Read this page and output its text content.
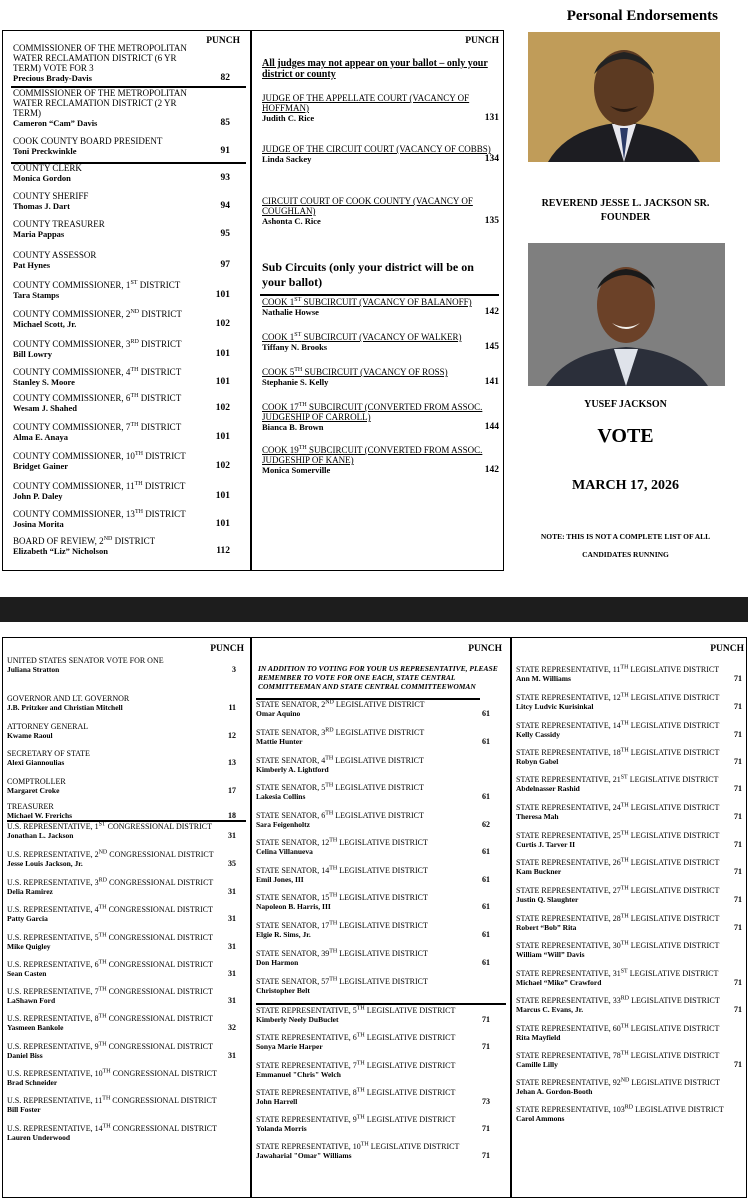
Personal Endorsements
PUNCH
COMMISSIONER OF THE METROPOLITAN WATER RECLAMATION DISTRICT (6 YR TERM) VOTE FOR 3
Precious Brady-Davis	82
COMMISSIONER OF THE METROPOLITAN WATER RECLAMATION DISTRICT (2 YR TERM)
Cameron “Cam” Davis	85
COOK COUNTY BOARD PRESIDENT
Toni Preckwinkle	91
COUNTY CLERK
Monica Gordon	93
COUNTY SHERIFF
Thomas J. Dart	94
COUNTY TREASURER
Maria Pappas	95
COUNTY ASSESSOR
Pat Hynes	97
COUNTY COMMISSIONER, 1ST DISTRICT
Tara Stamps	101
COUNTY COMMISSIONER, 2ND DISTRICT
Michael Scott, Jr.	102
COUNTY COMMISSIONER, 3RD DISTRICT
Bill Lowry	101
COUNTY COMMISSIONER, 4TH DISTRICT
Stanley S. Moore	101
COUNTY COMMISSIONER, 6TH DISTRICT
Wesam J. Shahed	102
COUNTY COMMISSIONER, 7TH DISTRICT
Alma E. Anaya	101
COUNTY COMMISSIONER, 10TH DISTRICT
Bridget Gainer	102
COUNTY COMMISSIONER, 11TH DISTRICT
John P. Daley	101
COUNTY COMMISSIONER, 13TH DISTRICT
Josina Morita	101
BOARD OF REVIEW, 2ND DISTRICT
Elizabeth “Liz” Nicholson	112
PUNCH
All judges may not appear on your ballot – only your district or county
JUDGE OF THE APPELLATE COURT (VACANCY OF HOFFMAN)
Judith C. Rice	131
JUDGE OF THE CIRCUIT COURT (VACANCY OF COBBS)
Linda Sackey	134
CIRCUIT COURT OF COOK COUNTY (VACANCY OF COUGHLAN)
Ashonta C. Rice	135
Sub Circuits (only your district will be on your ballot)
COOK 1ST SUBCIRCUIT (VACANCY OF BALANOFF)
Nathalie Howse	142
COOK 1ST SUBCIRCUIT (VACANCY OF WALKER)
Tiffany N. Brooks	145
COOK 5TH SUBCIRCUIT (VACANCY OF ROSS)
Stephanie S. Kelly	141
COOK 17TH SUBCIRCUIT (CONVERTED FROM ASSOC. JUDGESHIP OF CARROLL)
Bianca B. Brown	144
COOK 19TH SUBCIRCUIT (CONVERTED FROM ASSOC. JUDGESHIP OF KANE)
Monica Somerville	142
REVEREND JESSE L. JACKSON SR.
FOUNDER
YUSEF JACKSON
VOTE
MARCH 17, 2026
NOTE: THIS IS NOT A COMPLETE LIST OF ALL
CANDIDATES RUNNING
PUNCH
UNITED STATES SENATOR VOTE FOR ONE
Juliana Stratton	3
GOVERNOR AND LT. GOVERNOR
J.B. Pritzker and Christian Mitchell	11
ATTORNEY GENERAL
Kwame Raoul	12
SECRETARY OF STATE
Alexi Giannoulias	13
COMPTROLLER
Margaret Croke	17
TREASURER
Michael W. Frerichs	18
U.S. REPRESENTATIVE, 1ST CONGRESSIONAL DISTRICT
Jonathan L. Jackson	31
U.S. REPRESENTATIVE, 2ND CONGRESSIONAL DISTRICT
Jesse Louis Jackson, Jr.	35
U.S. REPRESENTATIVE, 3RD CONGRESSIONAL DISTRICT
Delia Ramirez	31
U.S. REPRESENTATIVE, 4TH CONGRESSIONAL DISTRICT
Patty Garcia	31
U.S. REPRESENTATIVE, 5TH CONGRESSIONAL DISTRICT
Mike Quigley	31
U.S. REPRESENTATIVE, 6TH CONGRESSIONAL DISTRICT
Sean Casten	31
U.S. REPRESENTATIVE, 7TH CONGRESSIONAL DISTRICT
LaShawn Ford	31
U.S. REPRESENTATIVE, 8TH CONGRESSIONAL DISTRICT
Yasmeen Bankole	32
U.S. REPRESENTATIVE, 9TH CONGRESSIONAL DISTRICT
Daniel Biss	31
U.S. REPRESENTATIVE, 10TH CONGRESSIONAL DISTRICT
Brad Schneider
U.S. REPRESENTATIVE, 11TH CONGRESSIONAL DISTRICT
Bill Foster
U.S. REPRESENTATIVE, 14TH CONGRESSIONAL DISTRICT
Lauren Underwood
PUNCH
IN ADDITION TO VOTING FOR YOUR US REPRESENTATIVE, PLEASE REMEMBER TO VOTE FOR ONE EACH, STATE CENTRAL COMMITTEEMAN AND STATE CENTRAL COMMITTEEWOMAN
STATE SENATOR, 2ND LEGISLATIVE DISTRICT
Omar Aquino	61
STATE SENATOR, 3RD LEGISLATIVE DISTRICT
Mattie Hunter	61
STATE SENATOR, 4TH LEGISLATIVE DISTRICT
Kimberly A. Lightford
STATE SENATOR, 5TH LEGISLATIVE DISTRICT
Lakesia Collins	61
STATE SENATOR, 6TH LEGISLATIVE DISTRICT
Sara Feigenholtz	62
STATE SENATOR, 12TH LEGISLATIVE DISTRICT
Celina Villanueva	61
STATE SENATOR, 14TH LEGISLATIVE DISTRICT
Emil Jones, III	61
STATE SENATOR, 15TH LEGISLATIVE DISTRICT
Napoleon B. Harris, III	61
STATE SENATOR, 17TH LEGISLATIVE DISTRICT
Elgie R. Sims, Jr.	61
STATE SENATOR, 39TH LEGISLATIVE DISTRICT
Don Harmon	61
STATE SENATOR, 57TH LEGISLATIVE DISTRICT
Christopher Belt
STATE REPRESENTATIVE, 5TH LEGISLATIVE DISTRICT
Kimberly Neely DuBuclet	71
STATE REPRESENTATIVE, 6TH LEGISLATIVE DISTRICT
Sonya Marie Harper	71
STATE REPRESENTATIVE, 7TH LEGISLATIVE DISTRICT
Emmanuel "Chris" Welch
STATE REPRESENTATIVE, 8TH LEGISLATIVE DISTRICT
John Harrell	73
STATE REPRESENTATIVE, 9TH LEGISLATIVE DISTRICT
Yolanda Morris	71
STATE REPRESENTATIVE, 10TH LEGISLATIVE DISTRICT
Jawaharial "Omar" Williams	71
PUNCH
STATE REPRESENTATIVE, 11TH LEGISLATIVE DISTRICT
Ann M. Williams	71
STATE REPRESENTATIVE, 12TH LEGISLATIVE DISTRICT
Litcy Ludvic Kurisinkal	71
STATE REPRESENTATIVE, 14TH LEGISLATIVE DISTRICT
Kelly Cassidy	71
STATE REPRESENTATIVE, 18TH LEGISLATIVE DISTRICT
Robyn Gabel	71
STATE REPRESENTATIVE, 21ST LEGISLATIVE DISTRICT
Abdelnasser Rashid	71
STATE REPRESENTATIVE, 24TH LEGISLATIVE DISTRICT
Theresa Mah	71
STATE REPRESENTATIVE, 25TH LEGISLATIVE DISTRICT
Curtis J. Tarver II	71
STATE REPRESENTATIVE, 26TH LEGISLATIVE DISTRICT
Kam Buckner	71
STATE REPRESENTATIVE, 27TH LEGISLATIVE DISTRICT
Justin Q. Slaughter	71
STATE REPRESENTATIVE, 28TH LEGISLATIVE DISTRICT
Robert “Bob” Rita	71
STATE REPRESENTATIVE, 30TH LEGISLATIVE DISTRICT
William “Will” Davis
STATE REPRESENTATIVE, 31ST LEGISLATIVE DISTRICT
Michael “Mike” Crawford	71
STATE REPRESENTATIVE, 33RD LEGISLATIVE DISTRICT
Marcus C. Evans, Jr.	71
STATE REPRESENTATIVE, 60TH LEGISLATIVE DISTRICT
Rita Mayfield
STATE REPRESENTATIVE, 78TH LEGISLATIVE DISTRICT
Camille Lilly	71
STATE REPRESENTATIVE, 92ND LEGISLATIVE DISTRICT
Jehan A. Gordon-Booth
STATE REPRESENTATIVE, 103RD LEGISLATIVE DISTRICT
Carol Ammons
